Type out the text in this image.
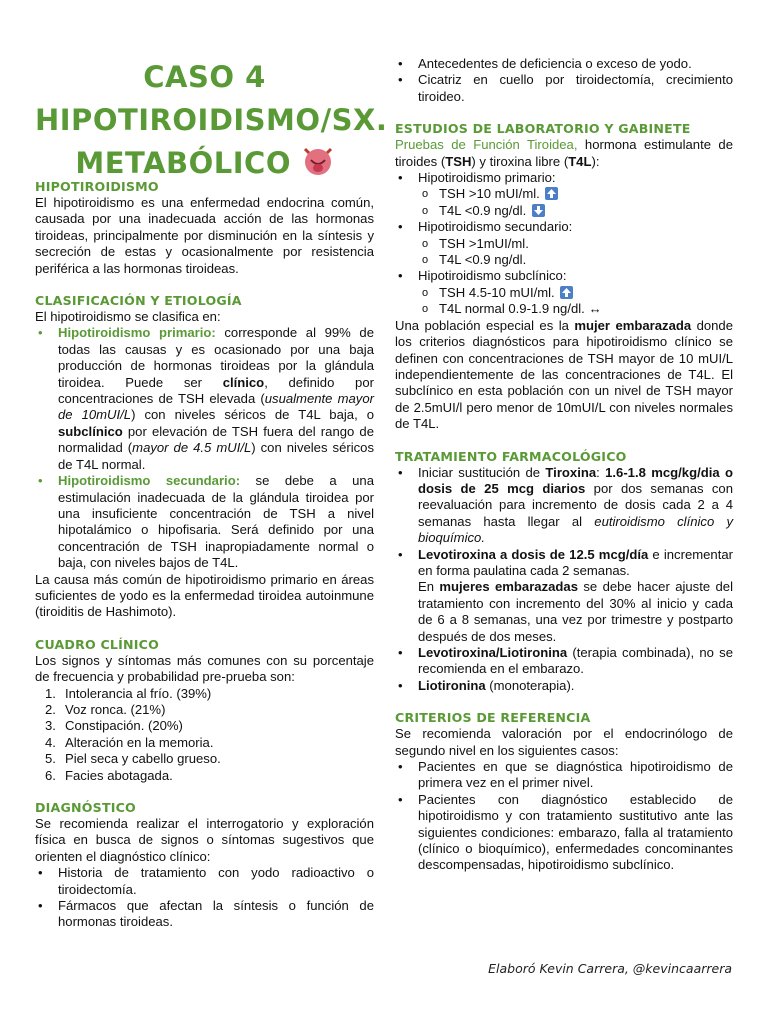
CASO 4
HIPOTIROIDISMO/SX.
METABÓLICO
HIPOTIROIDISMO

El hipotiroidismo es una enfermedad endocrina común, causada por una inadecuada acción de las hormonas tiroideas, principalmente por disminución en la síntesis y secreción de estas y ocasionalmente por resistencia periférica a las hormonas tiroideas.

CLASIFICACIÓN Y ETIOLOGÍA

El hipotiroidismo se clasifica en:

• Hipotiroidismo primario: corresponde al 99% de todas las causas y es ocasionado por una baja producción de hormonas tiroideas por la glándula tiroidea. Puede ser clínico, definido por concentraciones de TSH elevada (usualmente mayor de 10mUI/L) con niveles séricos de T4L baja, o subclínico por elevación de TSH fuera del rango de normalidad (mayor de 4.5 mUI/L) con niveles séricos de T4L normal.
• Hipotiroidismo secundario: se debe a una estimulación inadecuada de la glándula tiroidea por una insuficiente concentración de TSH a nivel hipotalámico o hipofisaria. Será definido por una concentración de TSH inapropiadamente normal o baja, con niveles bajos de T4L.

La causa más común de hipotiroidismo primario en áreas suficientes de yodo es la enfermedad tiroidea autoinmune (tiroiditis de Hashimoto).

CUADRO CLÍNICO

Los signos y síntomas más comunes con su porcentaje de frecuencia y probabilidad pre-prueba son:

1. Intolerancia al frío. (39%)
2. Voz ronca. (21%)
3. Constipación. (20%)
4. Alteración en la memoria.
5. Piel seca y cabello grueso.
6. Facies abotagada.
DIAGNÓSTICO

Se recomienda realizar el interrogatorio y exploración física en busca de signos o síntomas sugestivos que orienten el diagnóstico clínico:

• Historia de tratamiento con yodo radioactivo o tiroidectomía.
• Fármacos que afectan la síntesis o función de hormonas tiroideas.
• Antecedentes de deficiencia o exceso de yodo.
• Cicatriz en cuello por tiroidectomía, crecimiento tiroideo.
ESTUDIOS DE LABORATORIO Y GABINETE

Pruebas de Función Tiroidea, hormona estimulante de tiroides (TSH) y tiroxina libre (T4L):

• Hipotiroidismo primario:
o TSH >10 mUI/ml.
o T4L <0.9 ng/dl.
• Hipotiroidismo secundario:
o TSH >1mUI/ml.
o T4L <0.9 ng/dl.
• Hipotiroidismo subclínico:
o TSH 4.5-10 mUI/ml.
o T4L normal 0.9-1.9 ng/dl. ↔

Una población especial es la mujer embarazada donde los criterios diagnósticos para hipotiroidismo clínico se definen con concentraciones de TSH mayor de 10 mUI/L independientemente de las concentraciones de T4L. El subclínico en esta población con un nivel de TSH mayor de 2.5mUI/l pero menor de 10mUI/L con niveles normales de T4L.

TRATAMIENTO FARMACOLÓGICO
• Iniciar sustitución de Tiroxina: 1.6-1.8 mcg/kg/dia o dosis de 25 mcg diarios por dos semanas con reevaluación para incremento de dosis cada 2 a 4 semanas hasta llegar al eutiroidismo clínico y bioquímico.
• Levotiroxina a dosis de 12.5 mcg/día e incrementar en forma paulatina cada 2 semanas.
En mujeres embarazadas se debe hacer ajuste del tratamiento con incremento del 30% al inicio y cada de 6 a 8 semanas, una vez por trimestre y postparto después de dos meses.
• Levotiroxina/Liotironina (terapia combinada), no se recomienda en el embarazo.
• Liotironina (monoterapia).
CRITERIOS DE REFERENCIA

Se recomienda valoración por el endocrinólogo de segundo nivel en los siguientes casos:

• Pacientes en que se diagnóstica hipotiroidismo de primera vez en el primer nivel.
• Pacientes con diagnóstico establecido de hipotiroidismo y con tratamiento sustitutivo ante las siguientes condiciones: embarazo, falla al tratamiento (clínico o bioquímico), enfermedades concominantes descompensadas, hipotiroidismo subclínico.
Elaboró Kevin Carrera, @kevincaarrera
